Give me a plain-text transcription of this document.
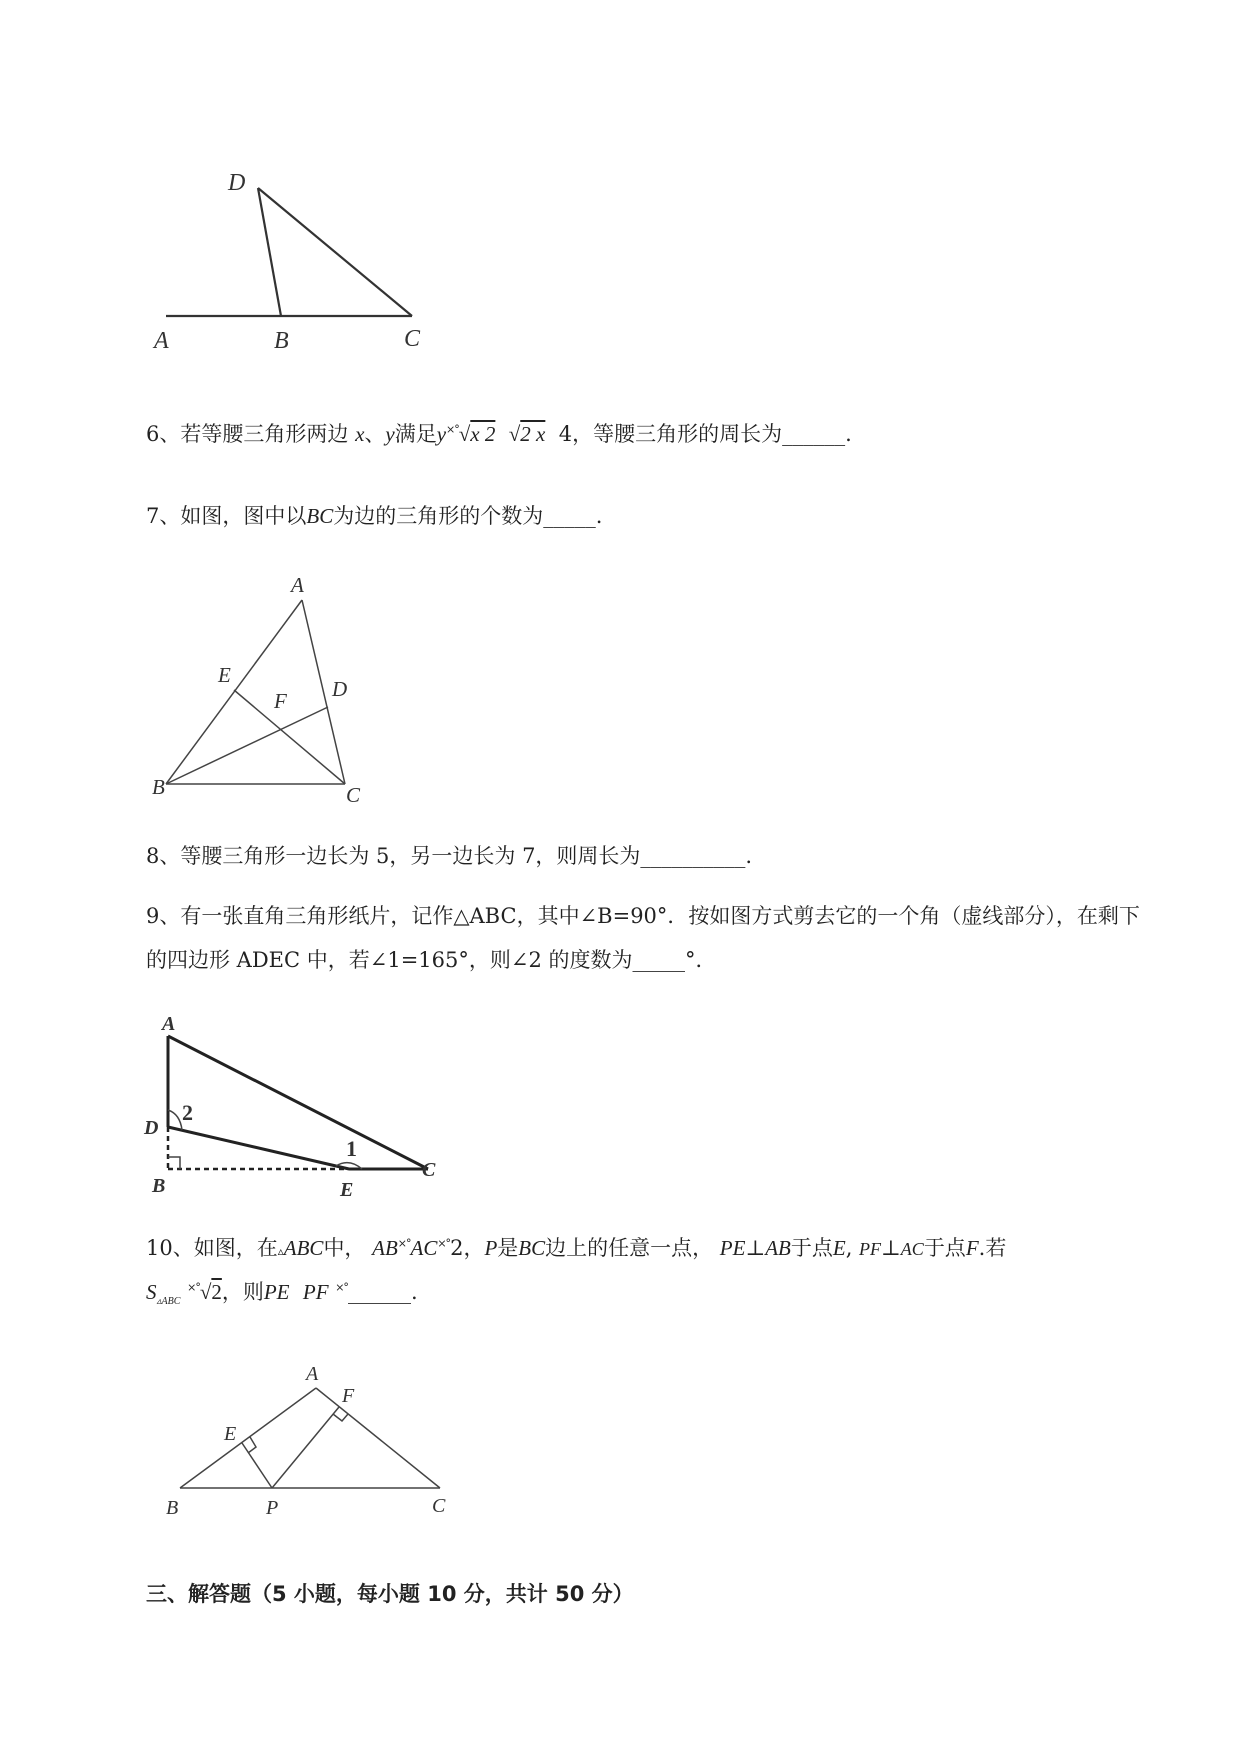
D
A	B	C
6、若等腰三角形两边 x、y满足y×°√x 2 √2 x 4，等腰三角形的周长为______.
7、如图，图中以BC为边的三角形的个数为_____.
A
E
D
F
B	C
8、等腰三角形一边长为 5，另一边长为 7，则周长为__________.
9、有一张直角三角形纸片，记作△ABC，其中∠B=90°．按如图方式剪去它的一个角（虚线部分），在剩下的四边形 ADEC 中，若∠1=165°，则∠2 的度数为_____°．
A
D
2
1
B	E
C
10、如图，在▵ABC中， AB×°AC×°2，P是BC边上的任意一点， PE⊥AB于点E, PF⊥AC于点F.若
$S_{▵ABC}$ ×°√2，则PE PF ×°______.
A
F
E
B	P	C
三、解答题（5 小题，每小题 10 分，共计 50 分）
